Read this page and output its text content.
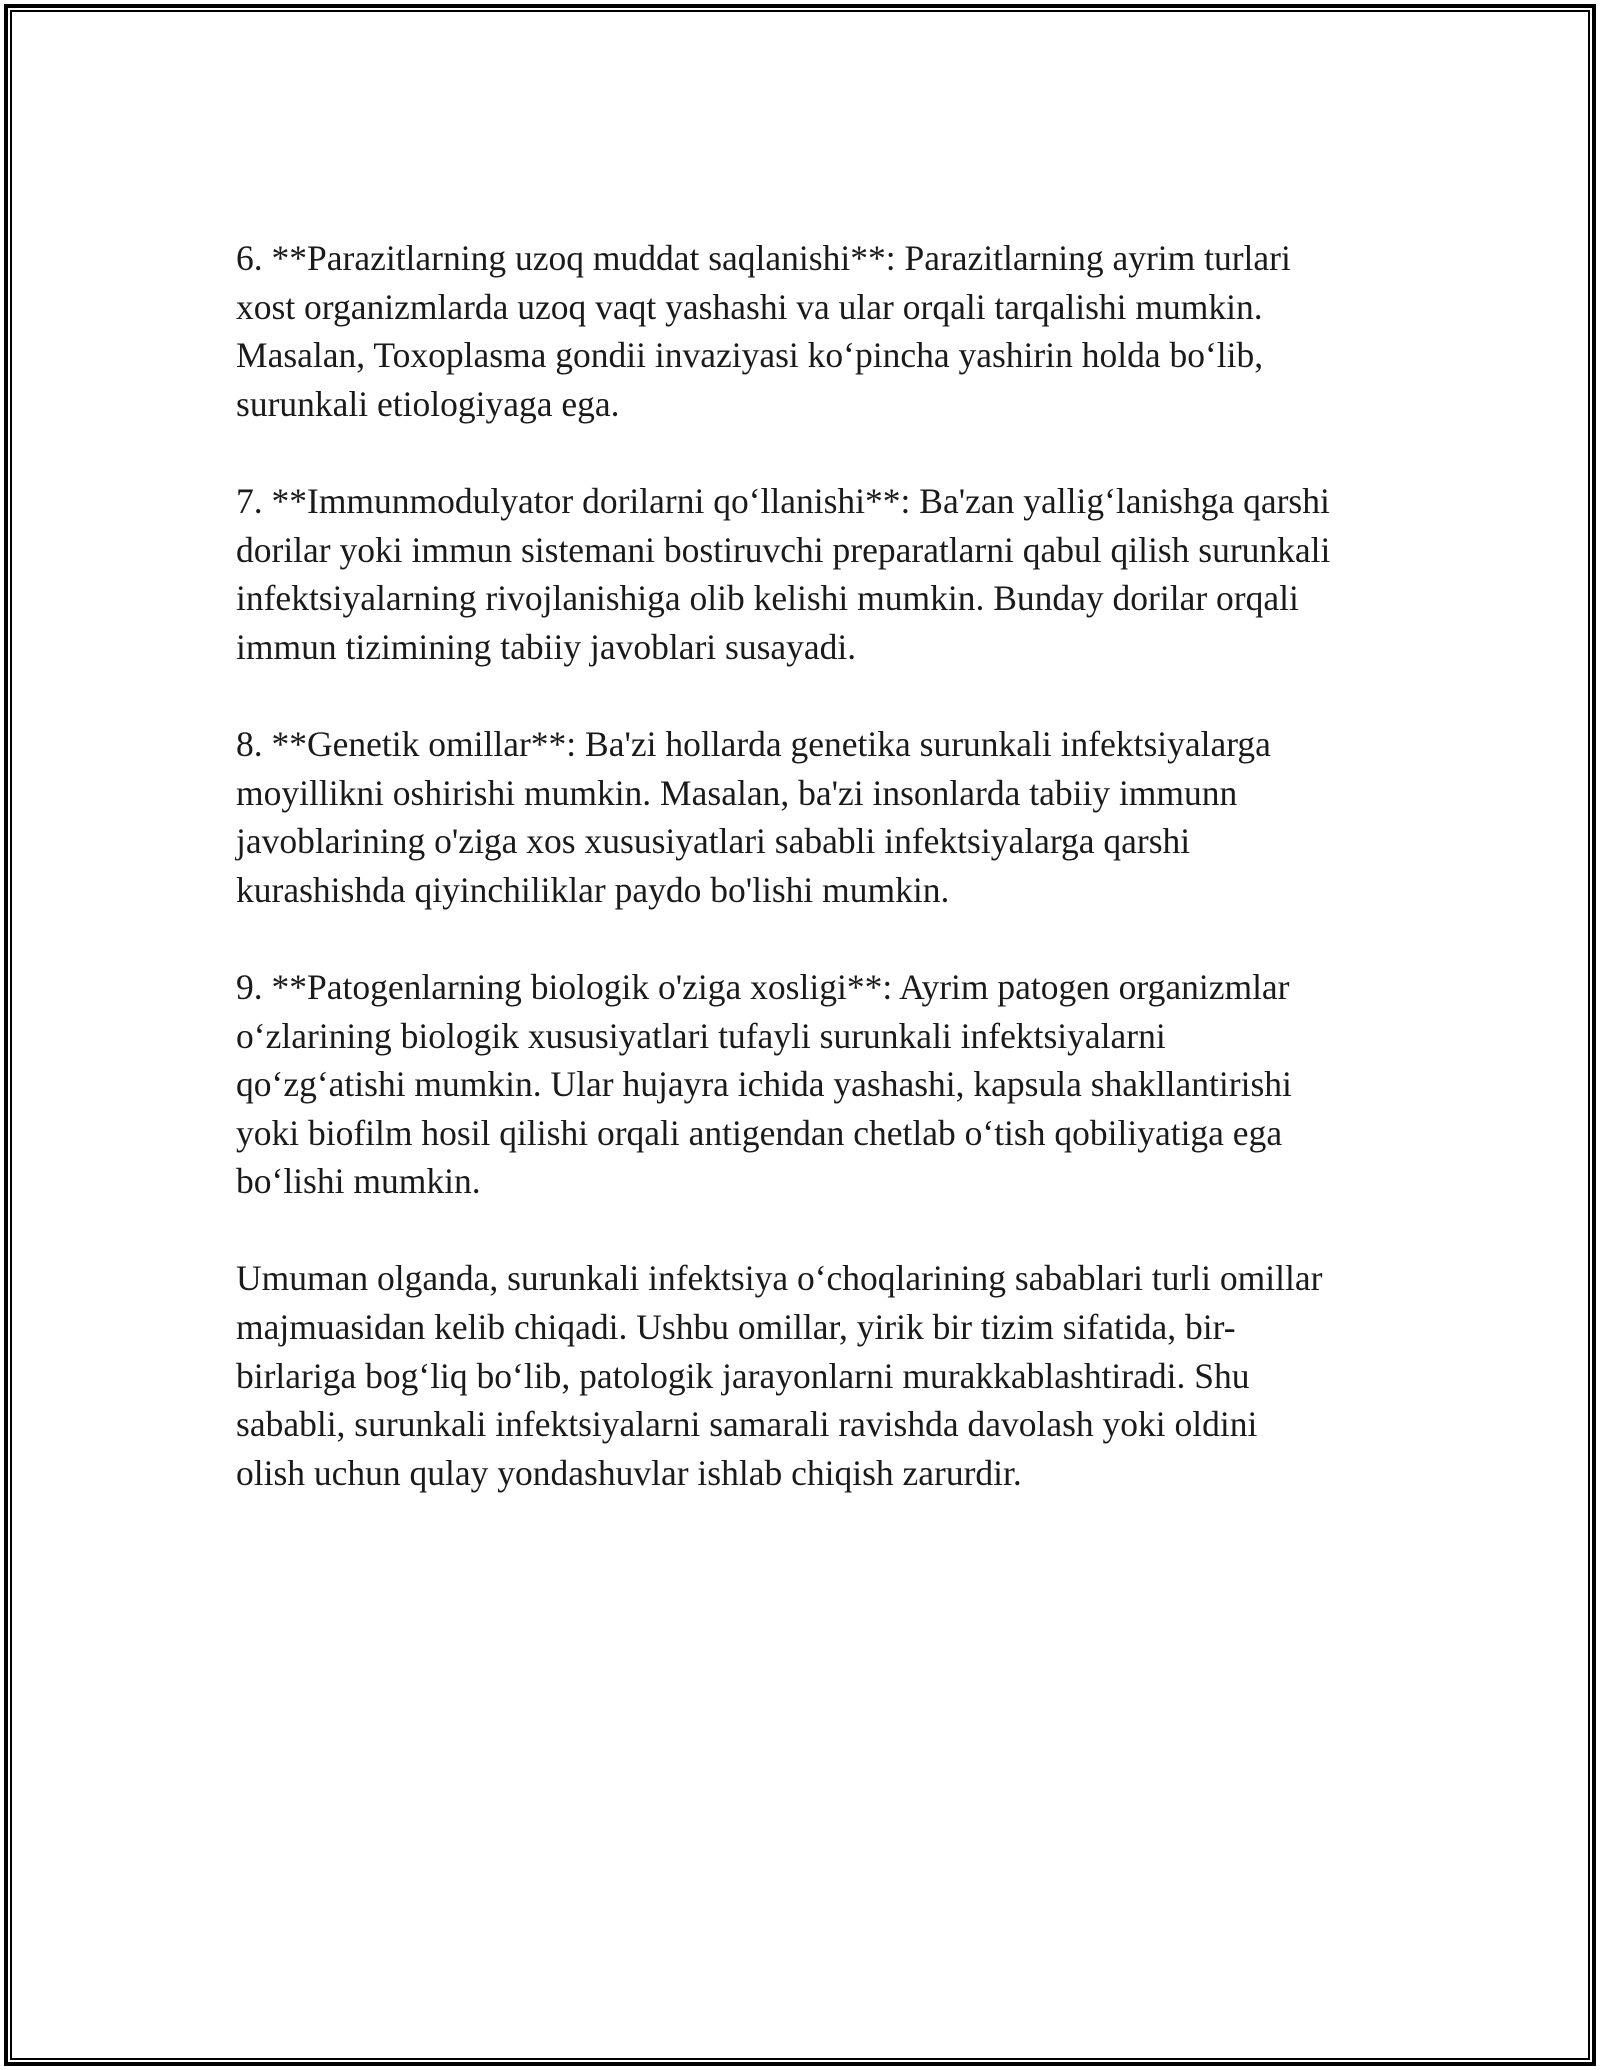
6. **Parazitlarning uzoq muddat saqlanishi**: Parazitlarning ayrim turlari
xost organizmlarda uzoq vaqt yashashi va ular orqali tarqalishi mumkin.
Masalan, Toxoplasma gondii invaziyasi ko‘pincha yashirin holda bo‘lib,
surunkali etiologiyaga ega.

7. **Immunmodulyator dorilarni qo‘llanishi**: Ba'zan yallig‘lanishga qarshi
dorilar yoki immun sistemani bostiruvchi preparatlarni qabul qilish surunkali
infektsiyalarning rivojlanishiga olib kelishi mumkin. Bunday dorilar orqali
immun tizimining tabiiy javoblari susayadi.

8. **Genetik omillar**: Ba'zi hollarda genetika surunkali infektsiyalarga
moyillikni oshirishi mumkin. Masalan, ba'zi insonlarda tabiiy immunn
javoblarining o'ziga xos xususiyatlari sababli infektsiyalarga qarshi
kurashishda qiyinchiliklar paydo bo'lishi mumkin.

9. **Patogenlarning biologik o'ziga xosligi**: Ayrim patogen organizmlar
o‘zlarining biologik xususiyatlari tufayli surunkali infektsiyalarni
qo‘zg‘atishi mumkin. Ular hujayra ichida yashashi, kapsula shakllantirishi
yoki biofilm hosil qilishi orqali antigendan chetlab o‘tish qobiliyatiga ega
bo‘lishi mumkin.

Umuman olganda, surunkali infektsiya o‘choqlarining sabablari turli omillar
majmuasidan kelib chiqadi. Ushbu omillar, yirik bir tizim sifatida, bir-
birlariga bog‘liq bo‘lib, patologik jarayonlarni murakkablashtiradi. Shu
sababli, surunkali infektsiyalarni samarali ravishda davolash yoki oldini
olish uchun qulay yondashuvlar ishlab chiqish zarurdir.
